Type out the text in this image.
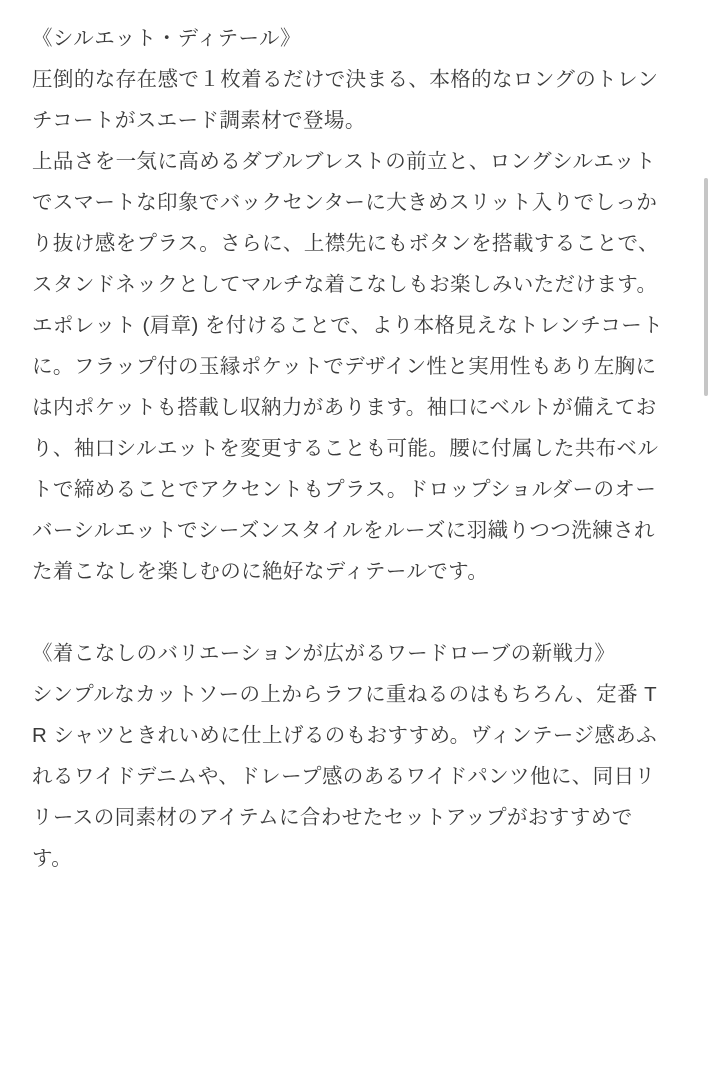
《シルエット・ディテール》

圧倒的な存在感で１枚着るだけで決まる、本格的なロングのトレンチコートがスエード調素材で登場。

上品さを一気に高めるダブルブレストの前立と、ロングシルエットでスマートな印象でバックセンターに大きめスリット入りでしっかり抜け感をプラス。さらに、上襟先にもボタンを搭載することで、スタンドネックとしてマルチな着こなしもお楽しみいただけます。エポレット (肩章) を付けることで、より本格見えなトレンチコートに。フラップ付の玉縁ポケットでデザイン性と実用性もあり左胸には内ポケットも搭載し収納力があります。袖口にベルトが備えており、袖口シルエットを変更することも可能。腰に付属した共布ベルトで締めることでアクセントもプラス。ドロップショルダーのオーバーシルエットでシーズンスタイルをルーズに羽織りつつ洗練された着こなしを楽しむのに絶好なディテールです。

《着こなしのバリエーションが広がるワードローブの新戦力》

シンプルなカットソーの上からラフに重ねるのはもちろん、定番 TR シャツときれいめに仕上げるのもおすすめ。ヴィンテージ感あふれるワイドデニムや、ドレープ感のあるワイドパンツ他に、同日リリースの同素材のアイテムに合わせたセットアップがおすすめです。
